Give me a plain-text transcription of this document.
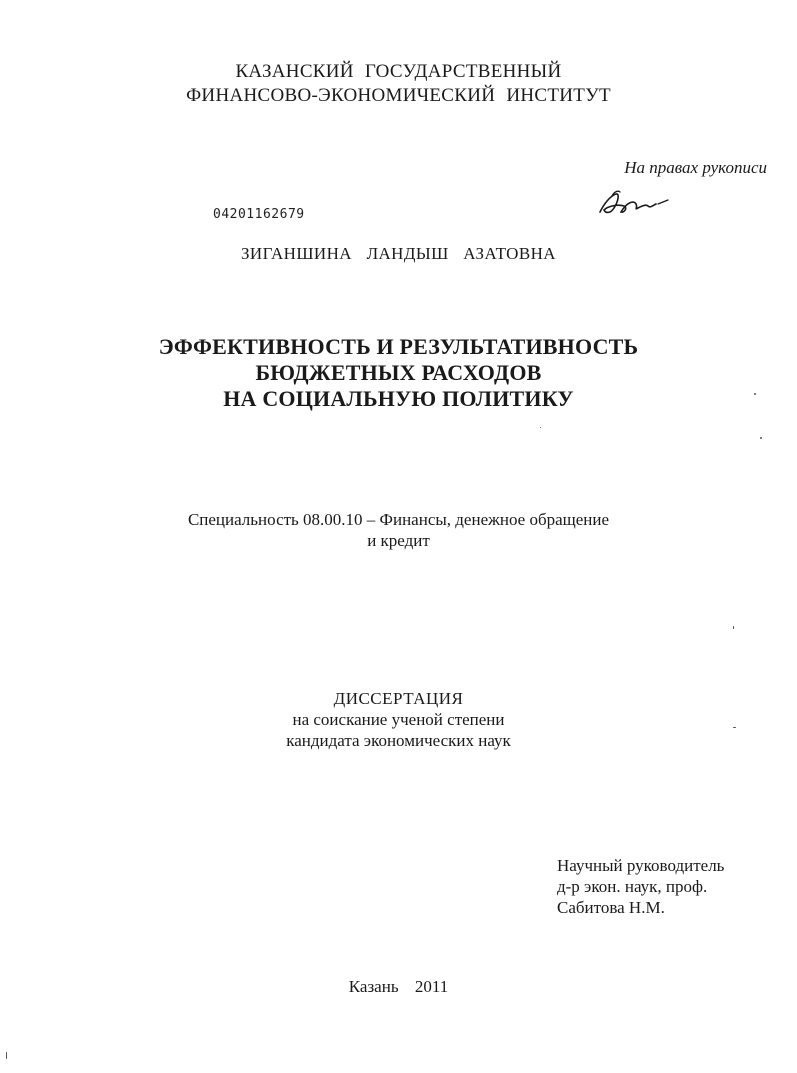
КАЗАНСКИЙ ГОСУДАРСТВЕННЫЙ
ФИНАНСОВО-ЭКОНОМИЧЕСКИЙ ИНСТИТУТ
На правах рукописи
04201162679
ЗИГАНШИНА ЛАНДЫШ АЗАТОВНА
ЭФФЕКТИВНОСТЬ И РЕЗУЛЬТАТИВНОСТЬ
БЮДЖЕТНЫХ РАСХОДОВ
НА СОЦИАЛЬНУЮ ПОЛИТИКУ
Специальность 08.00.10 – Финансы, денежное обращение
и кредит
ДИССЕРТАЦИЯ
на соискание ученой степени
кандидата экономических наук
Научный руководитель
д-р экон. наук, проф.
Сабитова Н.М.
Казань 2011
